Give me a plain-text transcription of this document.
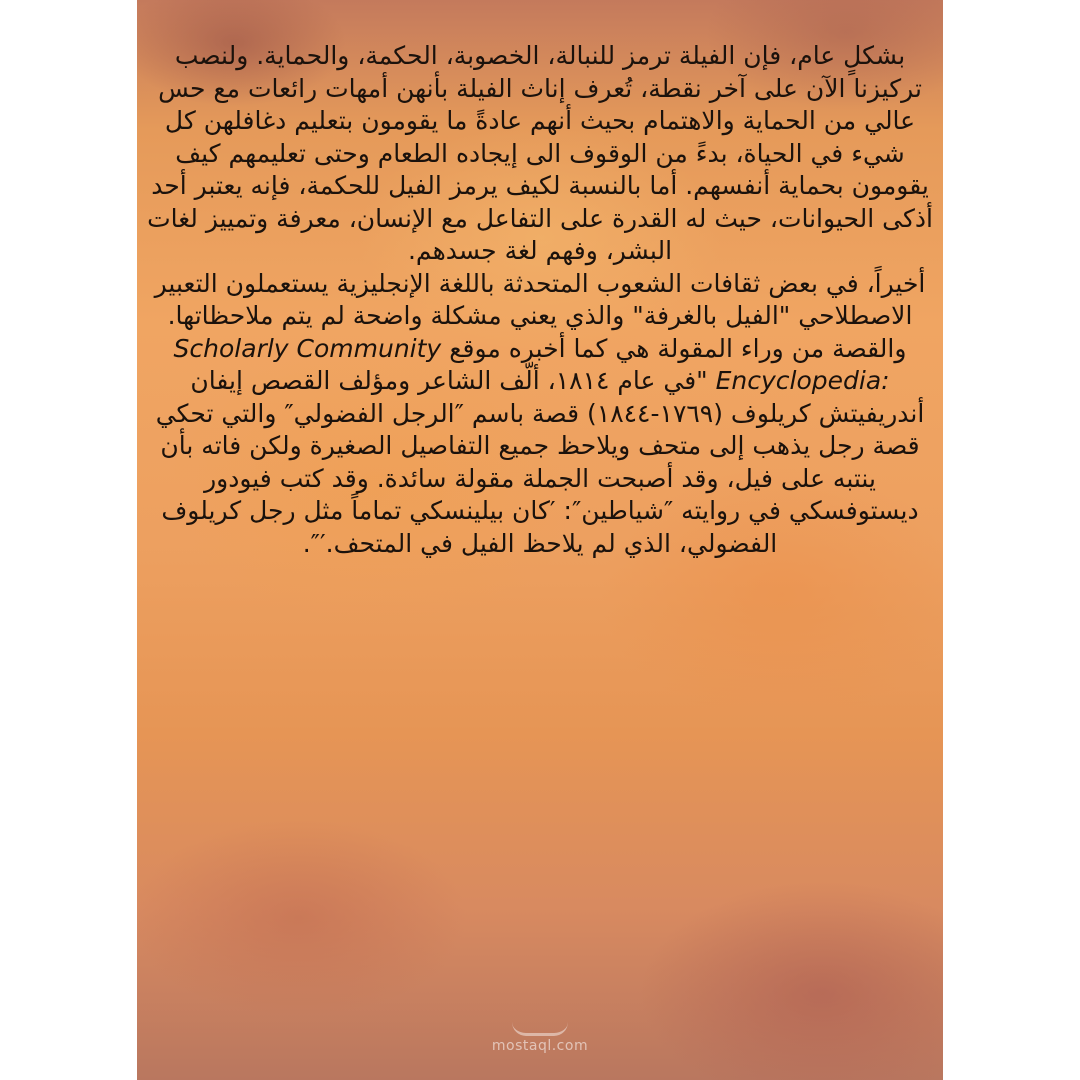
بشكلٍ عام، فإن الفيلة ترمز للنبالة، الخصوبة، الحكمة، والحماية. ولنصب تركيزنا الآن على آخر نقطة، تُعرف إناث الفيلة بأنهن أمهات رائعات مع حس عالي من الحماية والاهتمام بحيث أنهم عادةً ما يقومون بتعليم دغافلهن كل شيء في الحياة، بدءً من الوقوف الى إيجاده الطعام وحتى تعليمهم كيف يقومون بحماية أنفسهم. أما بالنسبة لكيف يرمز الفيل للحكمة، فإنه يعتبر أحد أذكى الحيوانات، حيث له القدرة على التفاعل مع الإنسان، معرفة وتمييز لغات البشر، وفهم لغة جسدهم.

أخيراً، في بعض ثقافات الشعوب المتحدثة باللغة الإنجليزية يستعملون التعبير الاصطلاحي "الفيل بالغرفة" والذي يعني مشكلة واضحة لم يتم ملاحظاتها. والقصة من وراء المقولة هي كما أخبره موقع Scholarly Community Encyclopedia: "في عام ١٨١٤، ألّف الشاعر ومؤلف القصص إيفان أندريفيتش كريلوف (١٧٦٩-١٨٤٤) قصة باسم ″الرجل الفضولي″ والتي تحكي قصة رجل يذهب إلى متحف ويلاحظ جميع التفاصيل الصغيرة ولكن فاته بأن ينتبه على فيل، وقد أصبحت الجملة مقولة سائدة. وقد كتب فيودور ديستوفسكي في روايته ″شياطين″: ′كان بيلينسكي تماماً مثل رجل كريلوف الفضولي، الذي لم يلاحظ الفيل في المتحف.′″.

mostaql.com
